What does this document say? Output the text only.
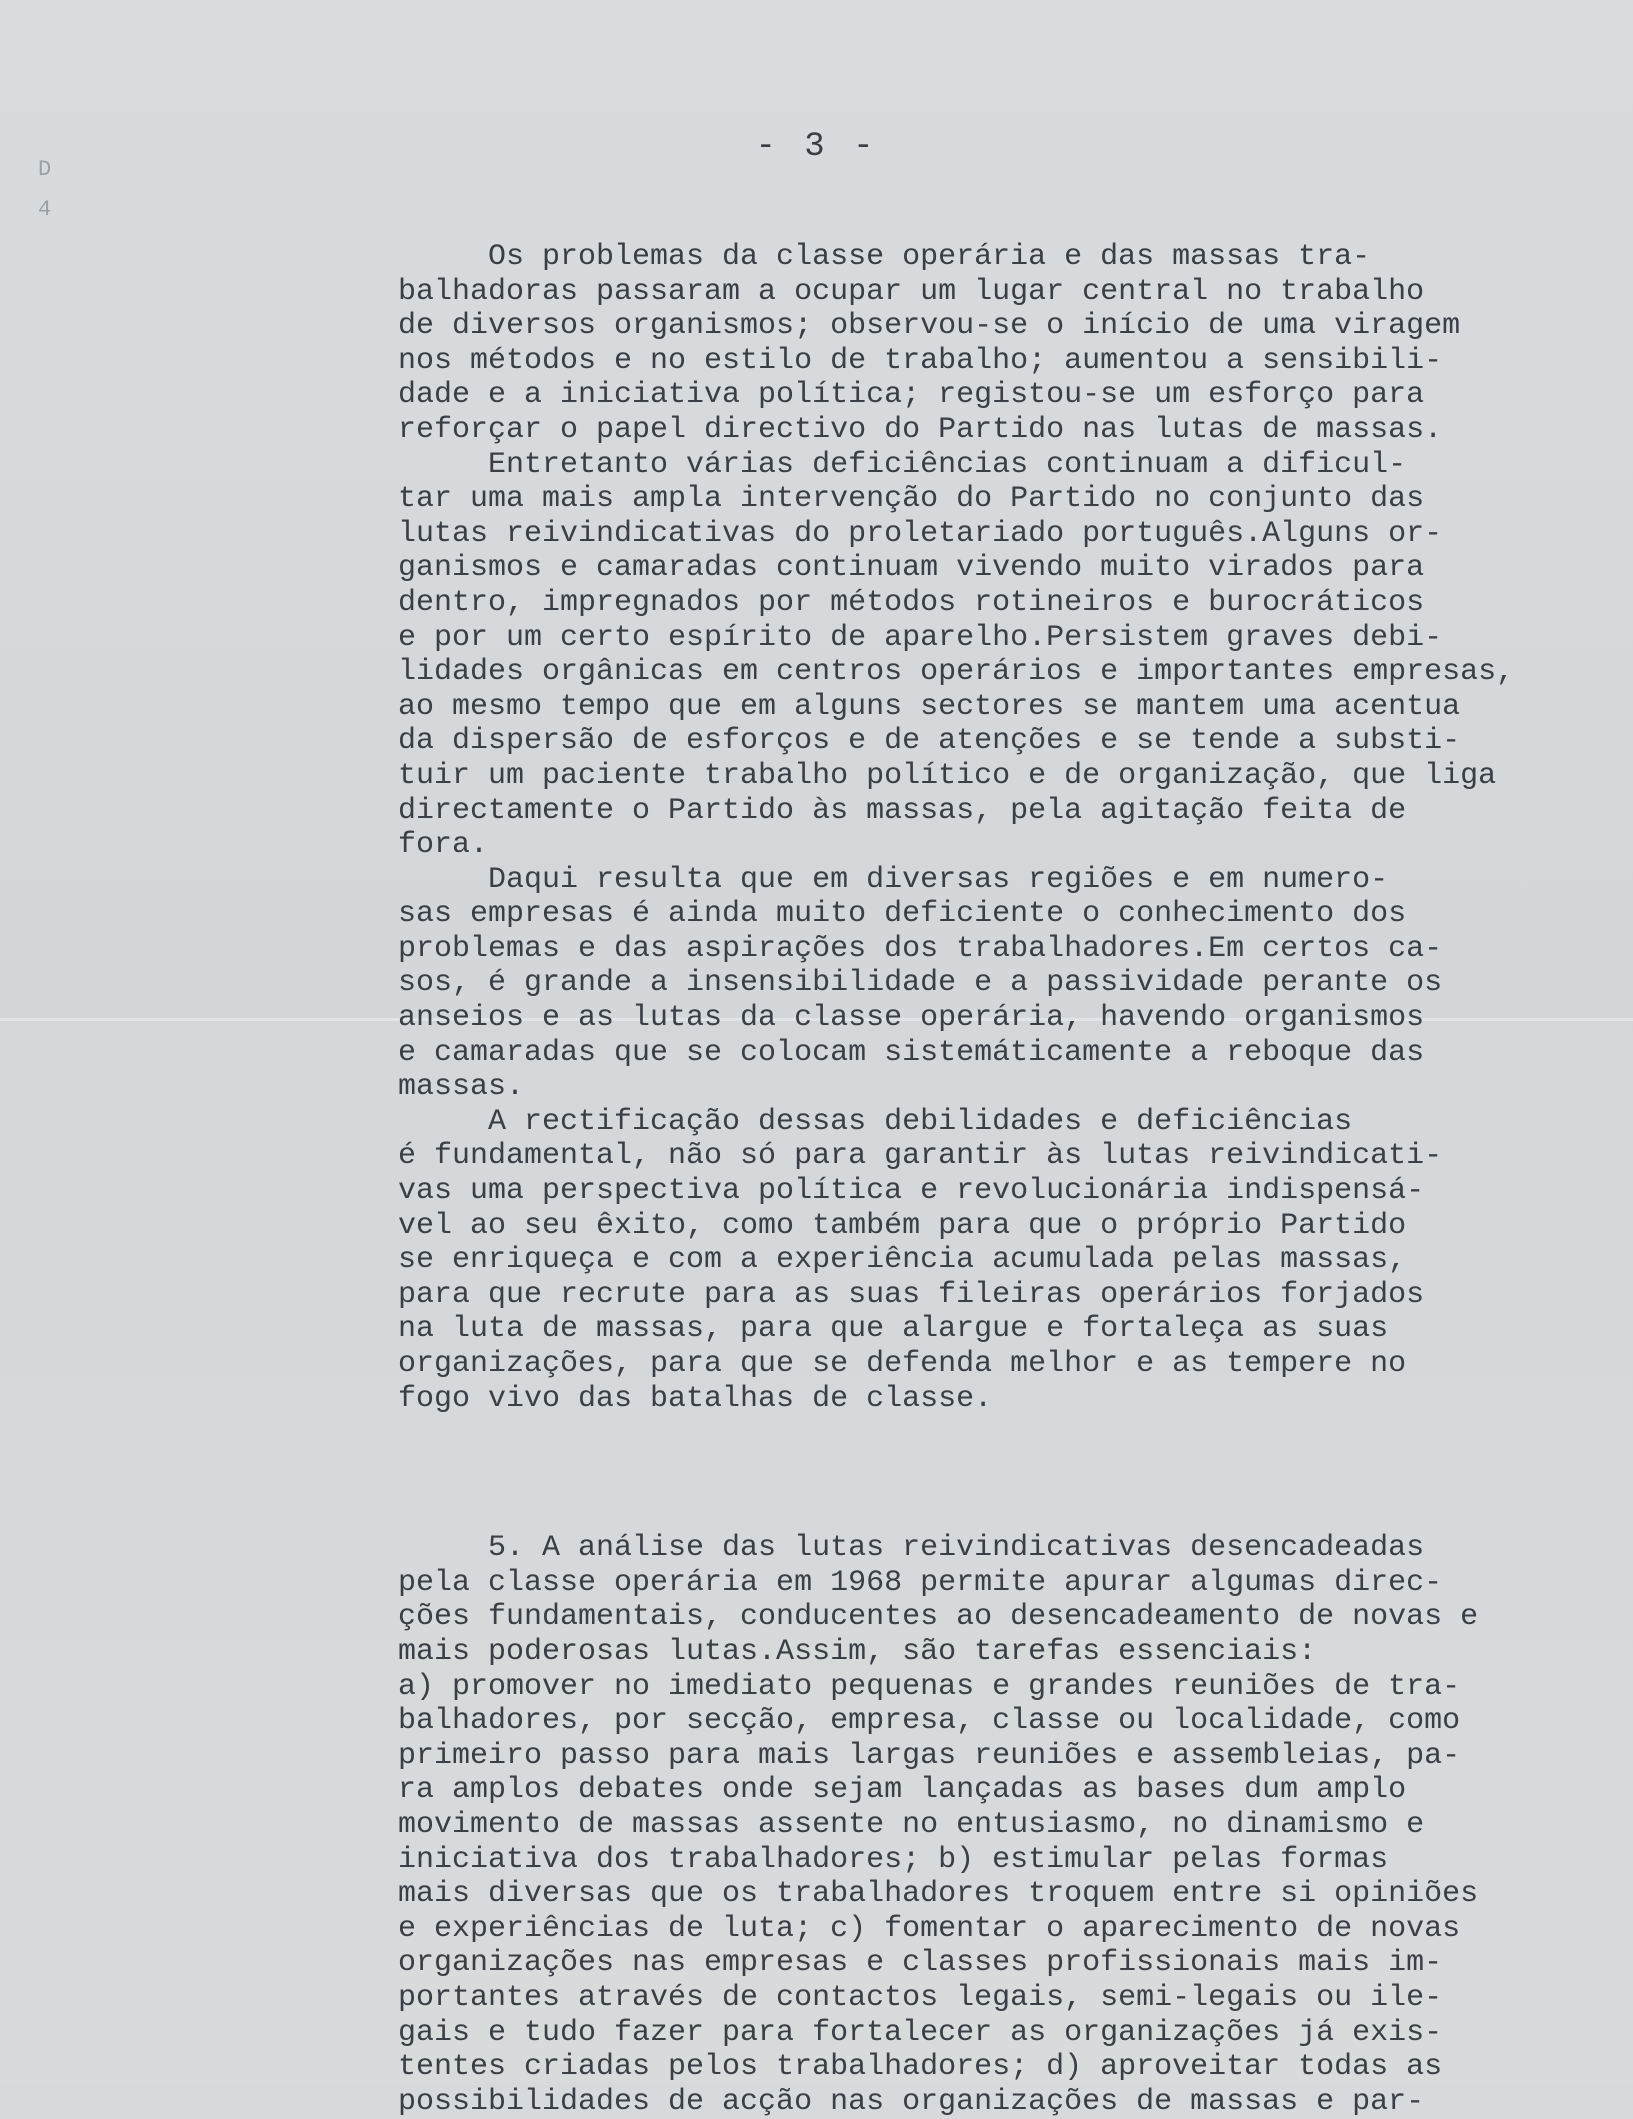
D
4
- 3 -
Os problemas da classe operária e das massas tra-
balhadoras passaram a ocupar um lugar central no trabalho
de diversos organismos; observou-se o início de uma viragem
nos métodos e no estilo de trabalho; aumentou a sensibili-
dade e a iniciativa política; registou-se um esforço para
reforçar o papel directivo do Partido nas lutas de massas.
Entretanto várias deficiências continuam a dificul-
tar uma mais ampla intervenção do Partido no conjunto das
lutas reivindicativas do proletariado português.Alguns or-
ganismos e camaradas continuam vivendo muito virados para
dentro, impregnados por métodos rotineiros e burocráticos
e por um certo espírito de aparelho.Persistem graves debi-
lidades orgânicas em centros operários e importantes empresas,
ao mesmo tempo que em alguns sectores se mantem uma acentua
da dispersão de esforços e de atenções e se tende a substi-
tuir um paciente trabalho político e de organização, que liga
directamente o Partido às massas, pela agitação feita de
fora.
Daqui resulta que em diversas regiões e em numero-
sas empresas é ainda muito deficiente o conhecimento dos
problemas e das aspirações dos trabalhadores.Em certos ca-
sos, é grande a insensibilidade e a passividade perante os
anseios e as lutas da classe operária, havendo organismos
e camaradas que se colocam sistemáticamente a reboque das
massas.
A rectificação dessas debilidades e deficiências
é fundamental, não só para garantir às lutas reivindicati-
vas uma perspectiva política e revolucionária indispensá-
vel ao seu êxito, como também para que o próprio Partido
se enriqueça e com a experiência acumulada pelas massas,
para que recrute para as suas fileiras operários forjados
na luta de massas, para que alargue e fortaleça as suas
organizações, para que se defenda melhor e as tempere no
fogo vivo das batalhas de classe.
5. A análise das lutas reivindicativas desencadeadas
pela classe operária em 1968 permite apurar algumas direc-
ções fundamentais, conducentes ao desencadeamento de novas e
mais poderosas lutas.Assim, são tarefas essenciais:
a) promover no imediato pequenas e grandes reuniões de tra-
balhadores, por secção, empresa, classe ou localidade, como
primeiro passo para mais largas reuniões e assembleias, pa-
ra amplos debates onde sejam lançadas as bases dum amplo
movimento de massas assente no entusiasmo, no dinamismo e
iniciativa dos trabalhadores; b) estimular pelas formas
mais diversas que os trabalhadores troquem entre si opiniões
e experiências de luta; c) fomentar o aparecimento de novas
organizações nas empresas e classes profissionais mais im-
portantes através de contactos legais, semi-legais ou ile-
gais e tudo fazer para fortalecer as organizações já exis-
tentes criadas pelos trabalhadores; d) aproveitar todas as
possibilidades de acção nas organizações de massas e par-
